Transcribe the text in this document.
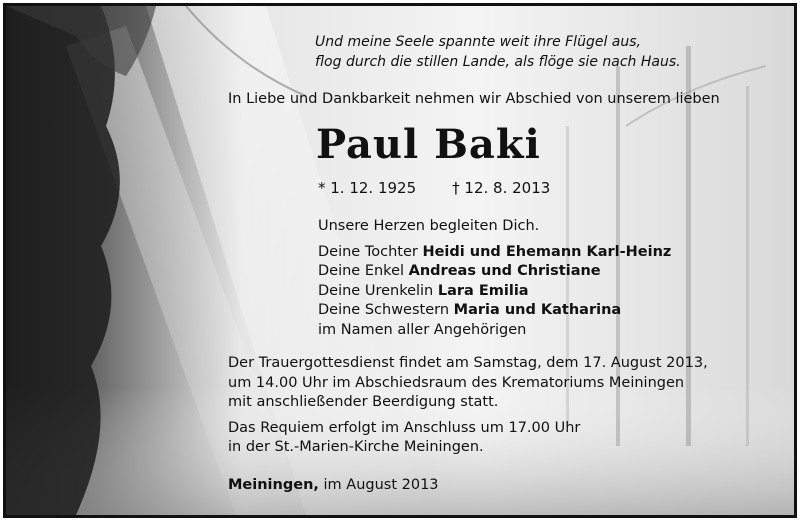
Und meine Seele spannte weit ihre Flügel aus,
flog durch die stillen Lande, als flöge sie nach Haus.
In Liebe und Dankbarkeit nehmen wir Abschied von unserem lieben
Paul Baki
* 1. 12. 1925 † 12. 8. 2013
Unsere Herzen begleiten Dich.
Deine Tochter Heidi und Ehemann Karl-Heinz
Deine Enkel Andreas und Christiane
Deine Urenkelin Lara Emilia
Deine Schwestern Maria und Katharina
im Namen aller Angehörigen
Der Trauergottesdienst findet am Samstag, dem 17. August 2013,
um 14.00 Uhr im Abschiedsraum des Krematoriums Meiningen
mit anschließender Beerdigung statt.
Das Requiem erfolgt im Anschluss um 17.00 Uhr
in der St.-Marien-Kirche Meiningen.
Meiningen, im August 2013
